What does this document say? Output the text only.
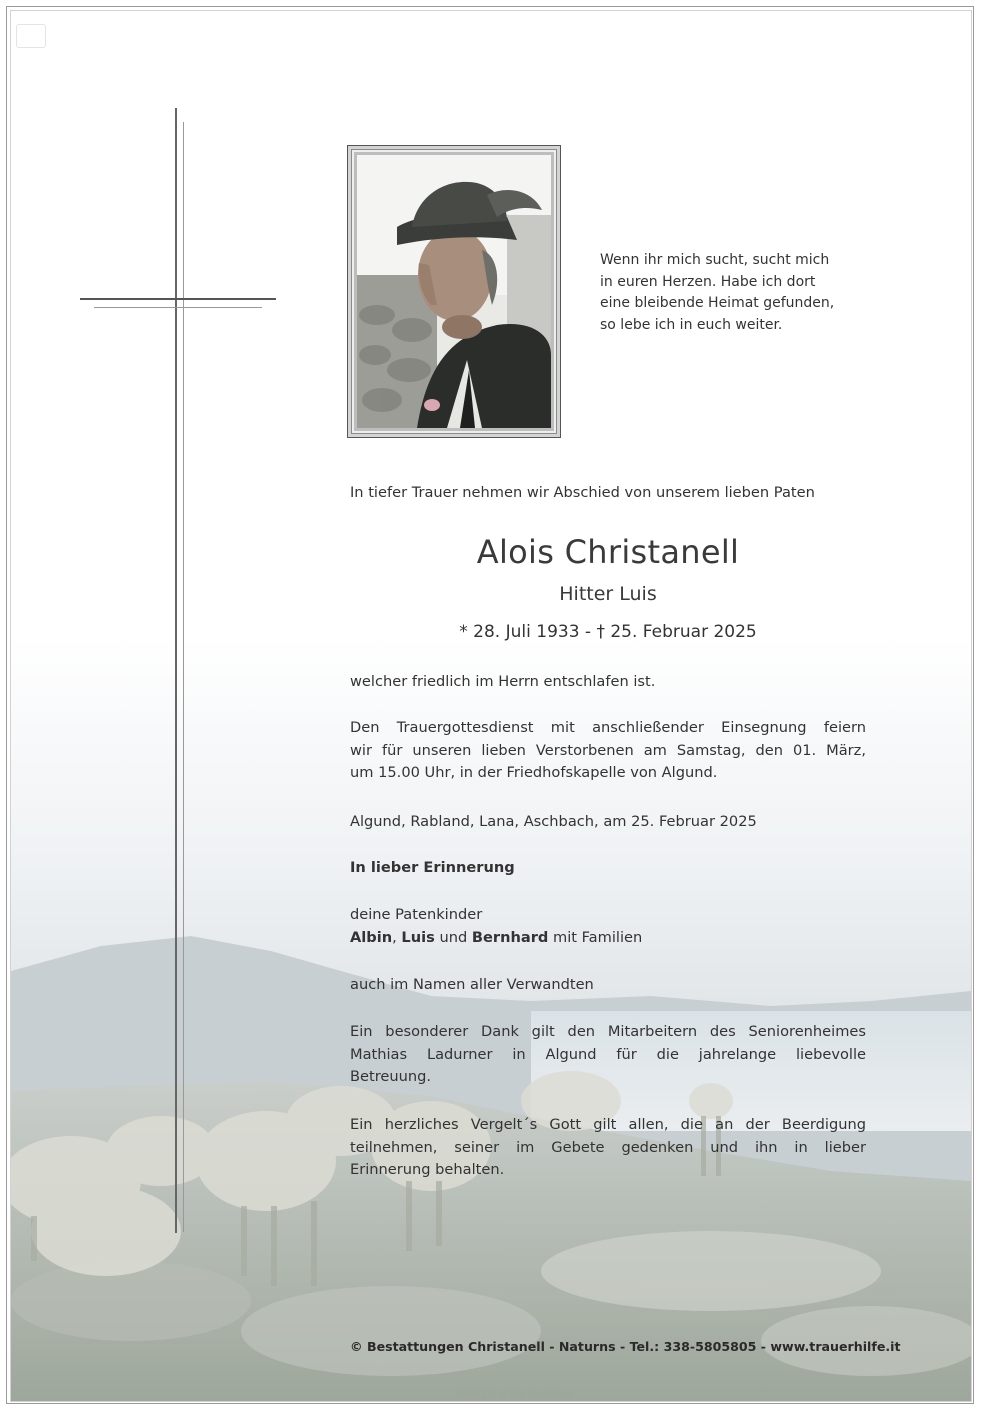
Wenn ihr mich sucht, sucht mich
in euren Herzen. Habe ich dort
eine bleibende Heimat gefunden,
so lebe ich in euch weiter.
In tiefer Trauer nehmen wir Abschied von unserem lieben Paten
Alois Christanell
Hitter Luis
* 28. Juli 1933 - † 25. Februar 2025
welcher friedlich im Herrn entschlafen ist.
Den Trauergottesdienst mit anschließender Einsegnung feiern
wir für unseren lieben Verstorbenen am Samstag, den 01. März,
um 15.00 Uhr, in der Friedhofskapelle von Algund.
Algund, Rabland, Lana, Aschbach, am 25. Februar 2025
In lieber Erinnerung
deine Patenkinder
Albin, Luis und Bernhard mit Familien
auch im Namen aller Verwandten
Ein besonderer Dank gilt den Mitarbeitern des Seniorenheimes
Mathias Ladurner in Algund für die jahrelange liebevolle
Betreuung.
Ein herzliches Vergelt´s Gott gilt allen, die an der Beerdigung
teilnehmen, seiner im Gebete gedenken und ihn in lieber
Erinnerung behalten.
© Bestattungen Christanell - Naturns - Tel.: 338-5805805 - www.trauerhilfe.it
MORENO DURAN PH
